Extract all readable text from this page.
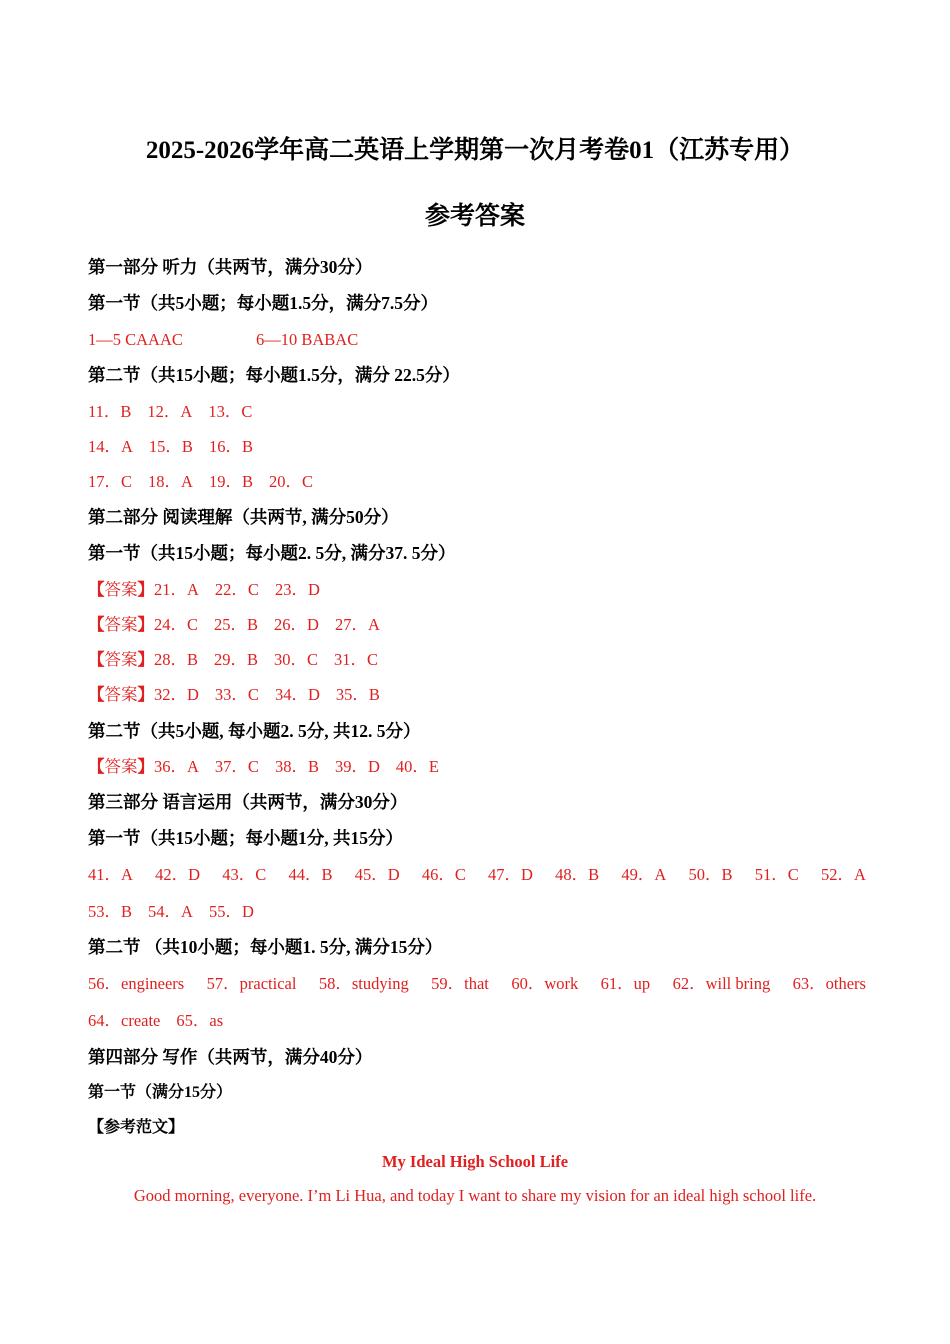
2025-2026学年高二英语上学期第一次月考卷01（江苏专用）
参考答案
第一部分 听力（共两节，满分30分）
第一节（共5小题；每小题1.5分，满分7.5分）
1—5 CAAAC	6—10 BABAC
第二节（共15小题；每小题1.5分，满分 22.5分）
11．B 12．A 13．C
14．A 15．B 16．B
17．C 18．A 19．B 20．C
第二部分 阅读理解（共两节, 满分50分）
第一节（共15小题；每小题2. 5分, 满分37. 5分）
【答案】21．A 22．C 23．D
【答案】24．C 25．B 26．D 27．A
【答案】28．B 29．B 30．C 31．C
【答案】32．D 33．C 34．D 35．B
第二节（共5小题, 每小题2. 5分, 共12. 5分）
【答案】36．A 37．C 38．B 39．D 40．E
第三部分 语言运用（共两节，满分30分）
第一节（共15小题；每小题1分, 共15分）
41．A 42．D 43．C 44．B 45．D 46．C 47．D 48．B 49．A 50．B 51．C 52．A
53．B 54．A 55．D
第二节 （共10小题；每小题1. 5分, 满分15分）
56．engineers 57．practical 58．studying 59．that 60．work 61．up 62．will bring 63．others
64．create 65．as
第四部分 写作（共两节，满分40分）
第一节（满分15分）
【参考范文】
My Ideal High School Life
Good morning, everyone. I’m Li Hua, and today I want to share my vision for an ideal high school life.
